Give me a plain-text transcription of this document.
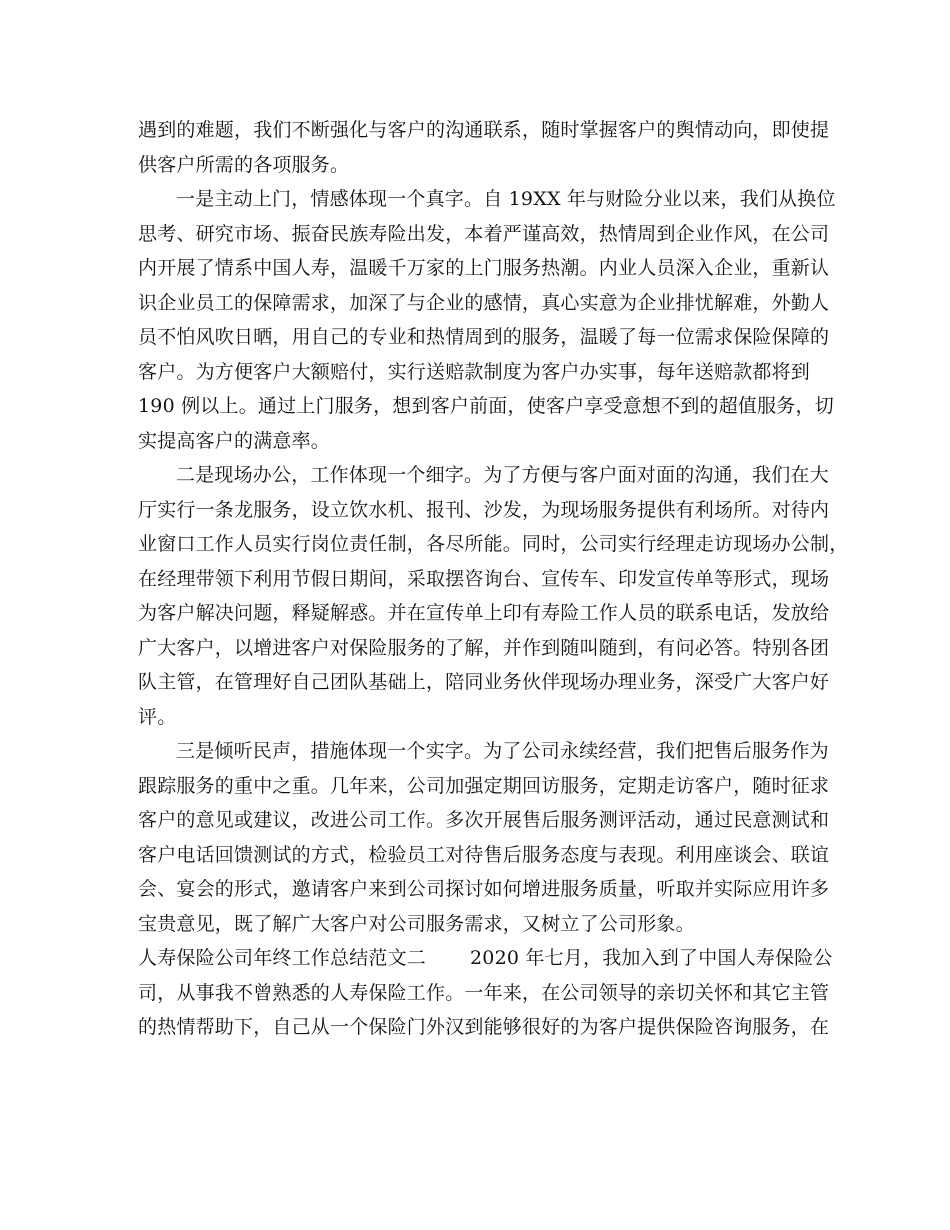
遇到的难题，我们不断强化与客户的沟通联系，随时掌握客户的舆情动向，即使提
供客户所需的各项服务。
一是主动上门，情感体现一个真字。自 19XX 年与财险分业以来，我们从换位
思考、研究市场、振奋民族寿险出发，本着严谨高效，热情周到企业作风，在公司
内开展了情系中国人寿，温暖千万家的上门服务热潮。内业人员深入企业，重新认
识企业员工的保障需求，加深了与企业的感情，真心实意为企业排忧解难，外勤人
员不怕风吹日晒，用自己的专业和热情周到的服务，温暖了每一位需求保险保障的
客户。为方便客户大额赔付，实行送赔款制度为客户办实事，每年送赔款都将到
190 例以上。通过上门服务，想到客户前面，使客户享受意想不到的超值服务，切
实提高客户的满意率。
二是现场办公，工作体现一个细字。为了方便与客户面对面的沟通，我们在大
厅实行一条龙服务，设立饮水机、报刊、沙发，为现场服务提供有利场所。对待内
业窗口工作人员实行岗位责任制，各尽所能。同时，公司实行经理走访现场办公制，
在经理带领下利用节假日期间，采取摆咨询台、宣传车、印发宣传单等形式，现场
为客户解决问题，释疑解惑。并在宣传单上印有寿险工作人员的联系电话，发放给
广大客户，以增进客户对保险服务的了解，并作到随叫随到，有问必答。特别各团
队主管，在管理好自己团队基础上，陪同业务伙伴现场办理业务，深受广大客户好
评。
三是倾听民声，措施体现一个实字。为了公司永续经营，我们把售后服务作为
跟踪服务的重中之重。几年来，公司加强定期回访服务，定期走访客户，随时征求
客户的意见或建议，改进公司工作。多次开展售后服务测评活动，通过民意测试和
客户电话回馈测试的方式，检验员工对待售后服务态度与表现。利用座谈会、联谊
会、宴会的形式，邀请客户来到公司探讨如何增进服务质量，听取并实际应用许多
宝贵意见，既了解广大客户对公司服务需求，又树立了公司形象。
人寿保险公司年终工作总结范文二 2020 年七月，我加入到了中国人寿保险公
司，从事我不曾熟悉的人寿保险工作。一年来，在公司领导的亲切关怀和其它主管
的热情帮助下，自己从一个保险门外汉到能够很好的为客户提供保险咨询服务，在
